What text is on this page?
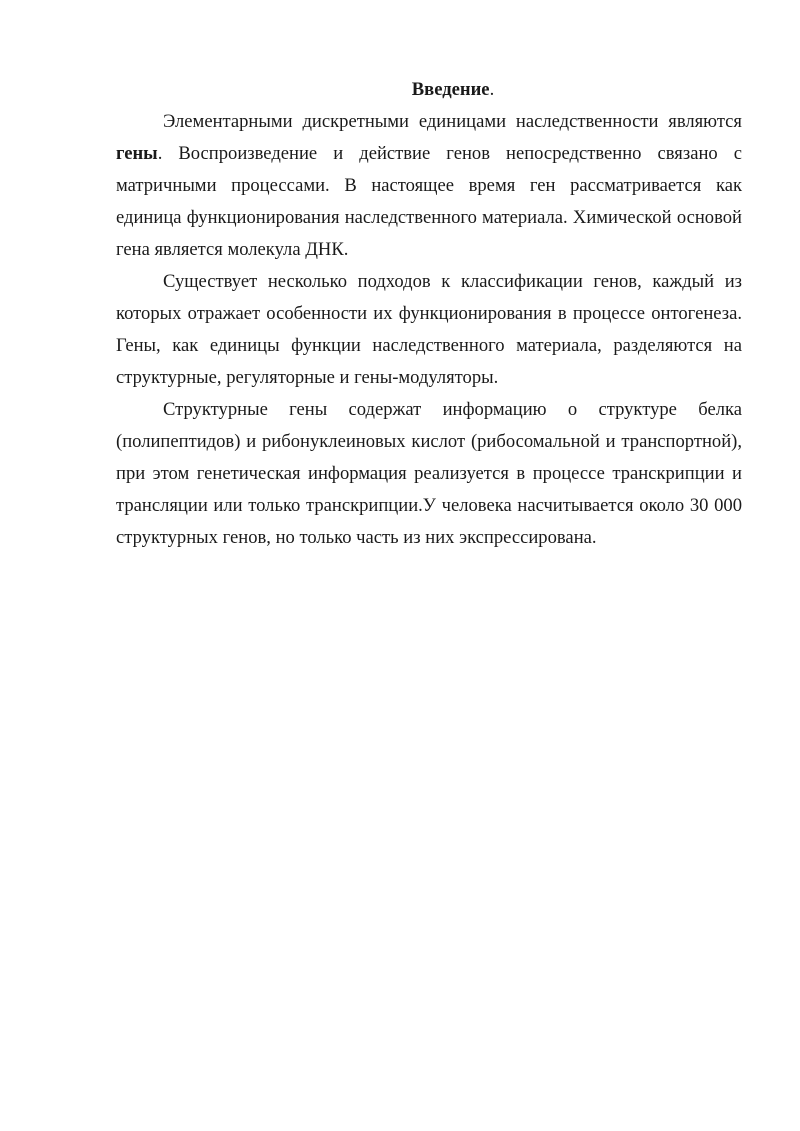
Введение.

Элементарными дискретными единицами наследственности являются гены. Воспроизведение и действие генов непосредственно связано с матричными процессами. В настоящее время ген рассматривается как единица функционирования наследственного материала. Химической основой гена является молекула ДНК.

Существует несколько подходов к классификации генов, каждый из которых отражает особенности их функционирования в процессе онтогенеза. Гены, как единицы функции наследственного материала, разделяются на структурные, регуляторные и гены-модуляторы.

Структурные гены содержат информацию о структуре белка (полипептидов) и рибонуклеиновых кислот (рибосомальной и транспортной), при этом генетическая информация реализуется в процессе транскрипции и трансляции или только транскрипции.У человека насчитывается около 30 000 структурных генов, но только часть из них экспрессирована.
